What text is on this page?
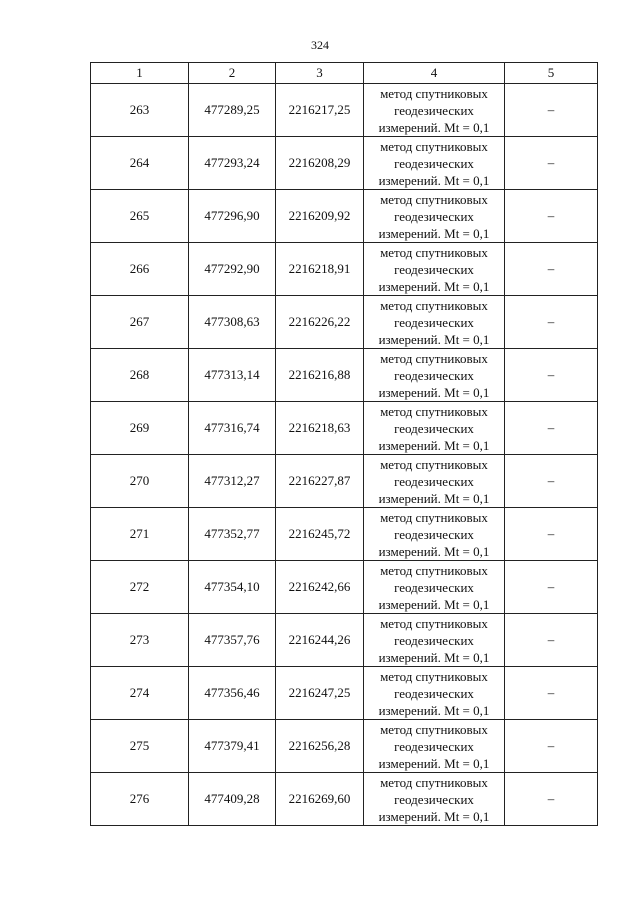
324
1	2	3	4	5
263	477289,25	2216217,25	метод спутниковых
геодезических
измерений. Mt = 0,1	–
264	477293,24	2216208,29	метод спутниковых
геодезических
измерений. Mt = 0,1	–
265	477296,90	2216209,92	метод спутниковых
геодезических
измерений. Mt = 0,1	–
266	477292,90	2216218,91	метод спутниковых
геодезических
измерений. Mt = 0,1	–
267	477308,63	2216226,22	метод спутниковых
геодезических
измерений. Mt = 0,1	–
268	477313,14	2216216,88	метод спутниковых
геодезических
измерений. Mt = 0,1	–
269	477316,74	2216218,63	метод спутниковых
геодезических
измерений. Mt = 0,1	–
270	477312,27	2216227,87	метод спутниковых
геодезических
измерений. Mt = 0,1	–
271	477352,77	2216245,72	метод спутниковых
геодезических
измерений. Mt = 0,1	–
272	477354,10	2216242,66	метод спутниковых
геодезических
измерений. Mt = 0,1	–
273	477357,76	2216244,26	метод спутниковых
геодезических
измерений. Mt = 0,1	–
274	477356,46	2216247,25	метод спутниковых
геодезических
измерений. Mt = 0,1	–
275	477379,41	2216256,28	метод спутниковых
геодезических
измерений. Mt = 0,1	–
276	477409,28	2216269,60	метод спутниковых
геодезических
измерений. Mt = 0,1	–
